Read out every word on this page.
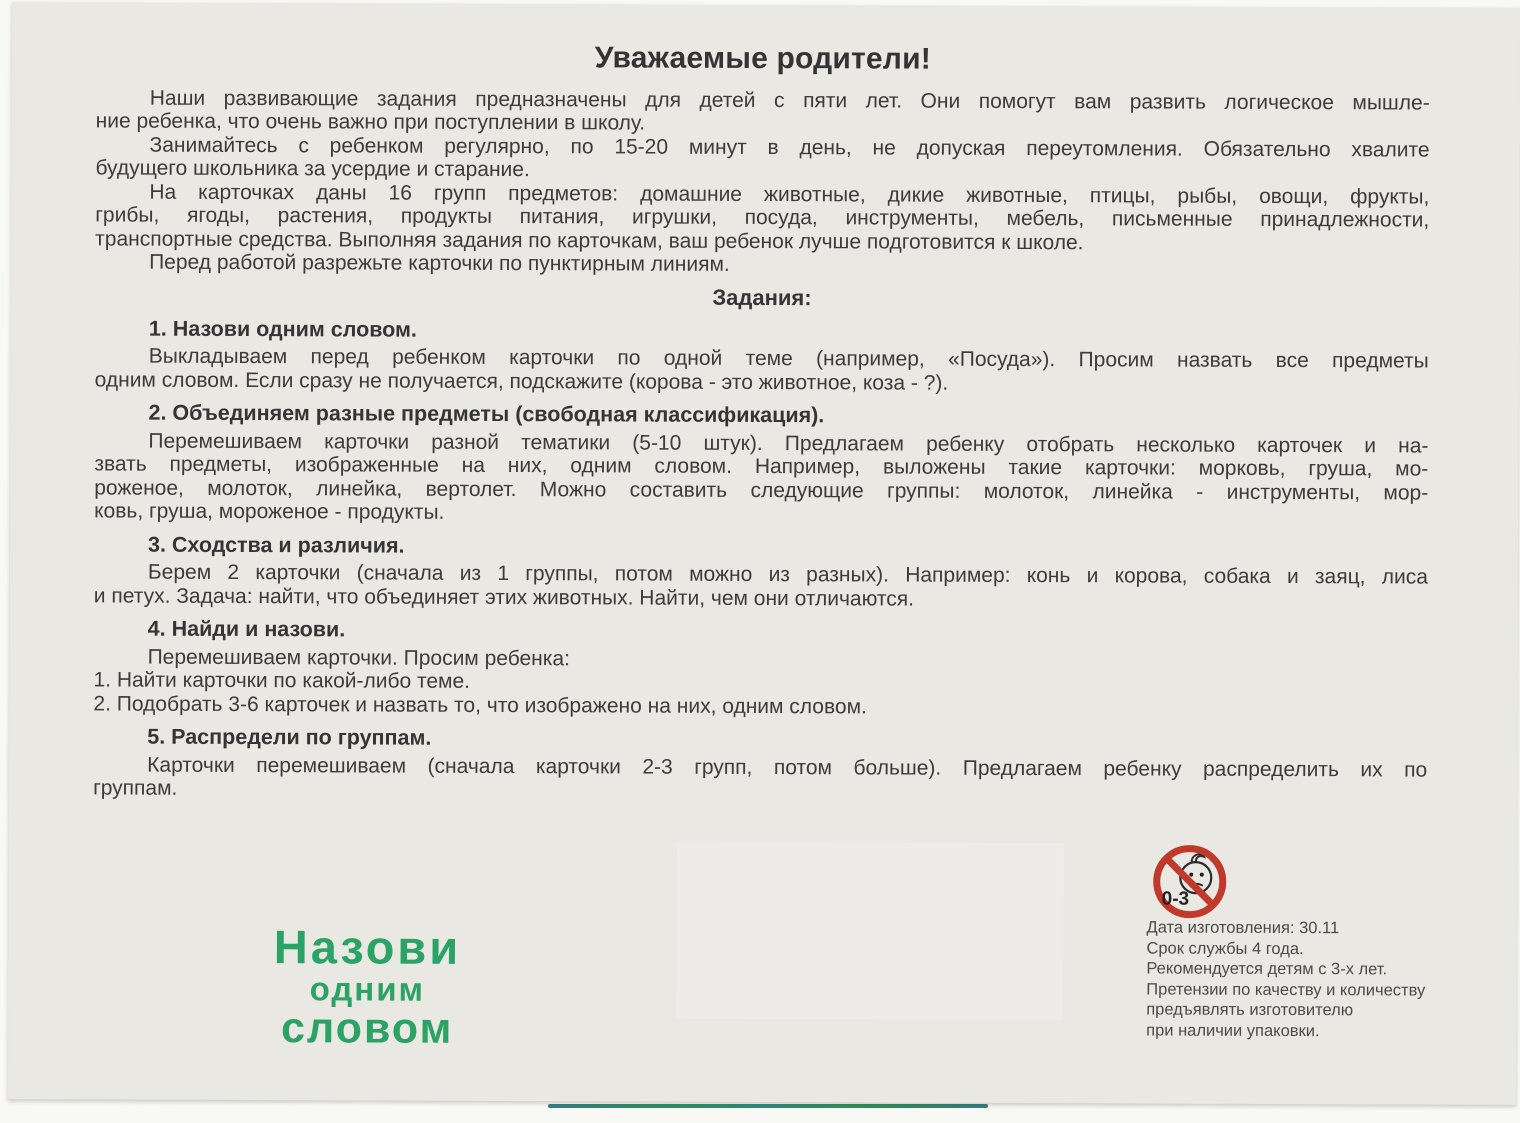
Уважаемые родители!
Наши развивающие задания предназначены для детей с пяти лет. Они помогут вам развить логическое мышле-
ние ребенка, что очень важно при поступлении в школу.
Занимайтесь с ребенком регулярно, по 15-20 минут в день, не допуская переутомления. Обязательно хвалите
будущего школьника за усердие и старание.
На карточках даны 16 групп предметов: домашние животные, дикие животные, птицы, рыбы, овощи, фрукты,
грибы, ягоды, растения, продукты питания, игрушки, посуда, инструменты, мебель, письменные принадлежности,
транспортные средства. Выполняя задания по карточкам, ваш ребенок лучше подготовится к школе.
Перед работой разрежьте карточки по пунктирным линиям.
Задания:
1. Назови одним словом.
Выкладываем перед ребенком карточки по одной теме (например, «Посуда»). Просим назвать все предметы
одним словом. Если сразу не получается, подскажите (корова - это животное, коза - ?).
2. Объединяем разные предметы (свободная классификация).
Перемешиваем карточки разной тематики (5-10 штук). Предлагаем ребенку отобрать несколько карточек и на-
звать предметы, изображенные на них, одним словом. Например, выложены такие карточки: морковь, груша, мо-
роженое, молоток, линейка, вертолет. Можно составить следующие группы: молоток, линейка - инструменты, мор-
ковь, груша, мороженое - продукты.
3. Сходства и различия.
Берем 2 карточки (сначала из 1 группы, потом можно из разных). Например: конь и корова, собака и заяц, лиса
и петух. Задача: найти, что объединяет этих животных. Найти, чем они отличаются.
4. Найди и назови.
Перемешиваем карточки. Просим ребенка:
1. Найти карточки по какой-либо теме.
2. Подобрать 3-6 карточек и назвать то, что изображено на них, одним словом.
5. Распредели по группам.
Карточки перемешиваем (сначала карточки 2-3 групп, потом больше). Предлагаем ребенку распределить их по
группам.
Назови
одним
словом
0-3
Дата изготовления: 30.11
Срок службы 4 года.
Рекомендуется детям с 3-х лет.
Претензии по качеству и количеству
предъявлять изготовителю
при наличии упаковки.
